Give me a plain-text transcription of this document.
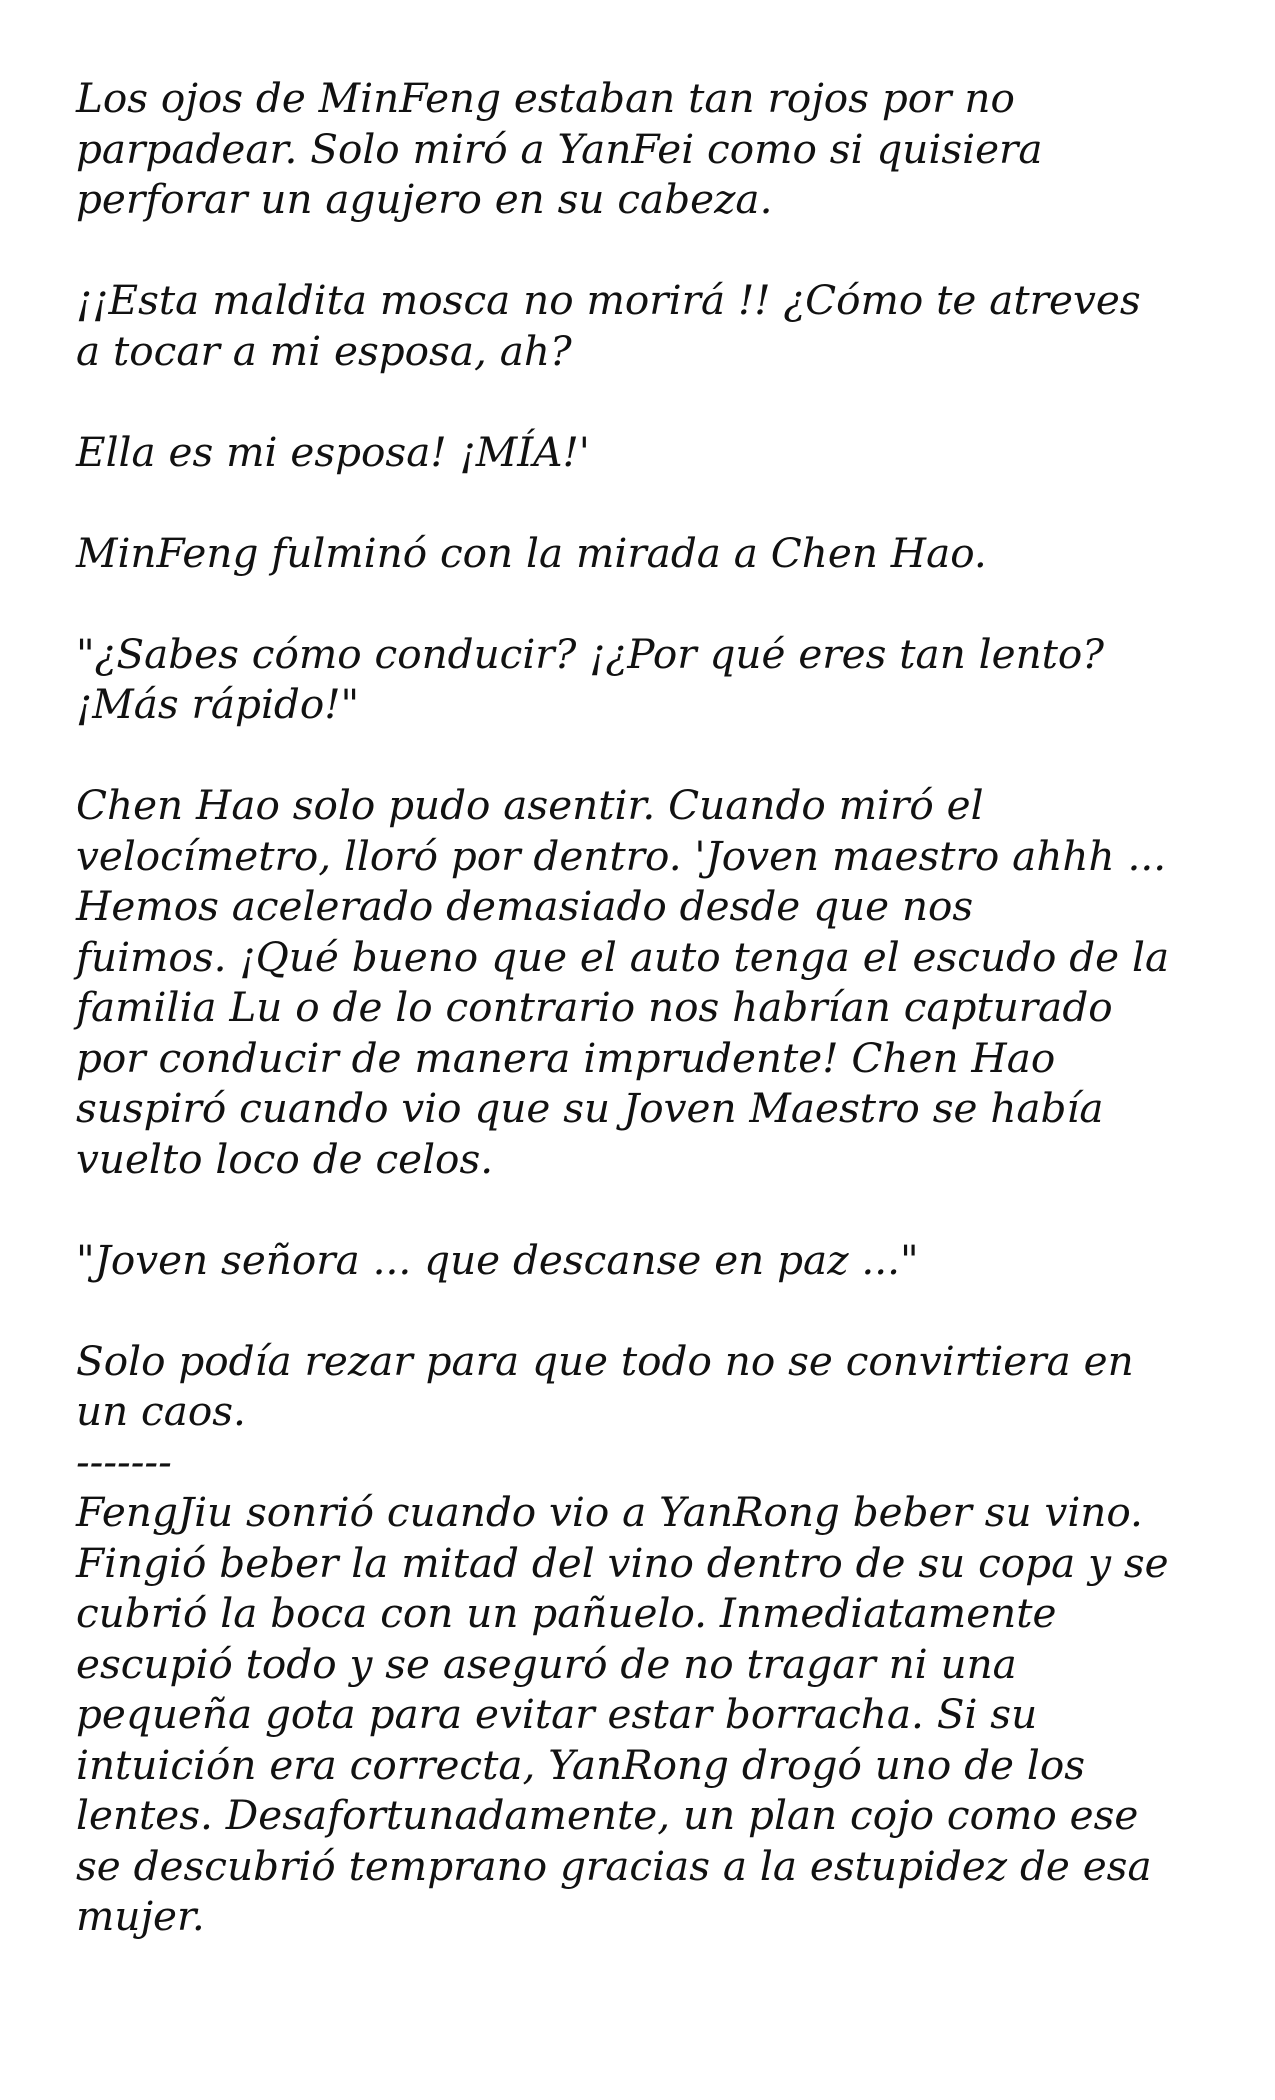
Los ojos de MinFeng estaban tan rojos por no
parpadear. Solo miró a YanFei como si quisiera
perforar un agujero en su cabeza.

¡¡Esta maldita mosca no morirá !! ¿Cómo te atreves
a tocar a mi esposa, ah?

Ella es mi esposa! ¡MÍA!'

MinFeng fulminó con la mirada a Chen Hao.

"¿Sabes cómo conducir? ¡¿Por qué eres tan lento?
¡Más rápido!"

Chen Hao solo pudo asentir. Cuando miró el
velocímetro, lloró por dentro. 'Joven maestro ahhh ...
Hemos acelerado demasiado desde que nos
fuimos. ¡Qué bueno que el auto tenga el escudo de la
familia Lu o de lo contrario nos habrían capturado
por conducir de manera imprudente! Chen Hao
suspiró cuando vio que su Joven Maestro se había
vuelto loco de celos.

"Joven señora ... que descanse en paz ..."

Solo podía rezar para que todo no se convirtiera en
un caos.

-------

FengJiu sonrió cuando vio a YanRong beber su vino.
Fingió beber la mitad del vino dentro de su copa y se
cubrió la boca con un pañuelo. Inmediatamente
escupió todo y se aseguró de no tragar ni una
pequeña gota para evitar estar borracha. Si su
intuición era correcta, YanRong drogó uno de los
lentes. Desafortunadamente, un plan cojo como ese
se descubrió temprano gracias a la estupidez de esa
mujer.
